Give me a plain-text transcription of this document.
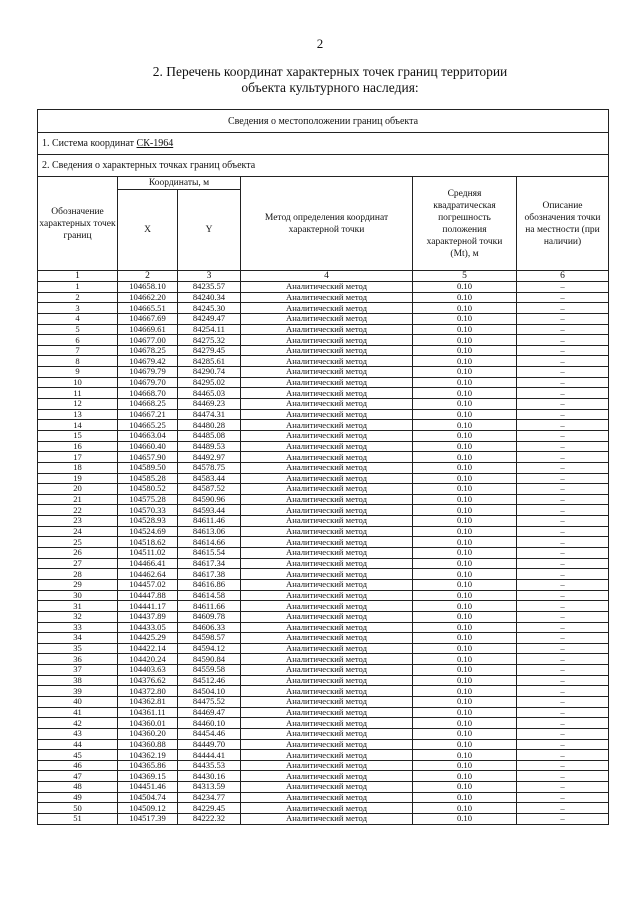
2
2. Перечень координат характерных точек границ территории
объекта культурного наследия:
Сведения о местоположении границ объекта					
1. Система координат СК-1964					
2. Сведения о характерных точках границ объекта					
Обозначение характерных точек границ	Координаты, м		Метод определения координат характерной точки	Средняя квадратическая погрешность положения характерной точки (Mt), м	Описание обозначения точки на местности (при наличии)
	X	Y			
1	2	3	4	5	6
1	104658.10	84235.57	Аналитический метод	0.10	–
2	104662.20	84240.34	Аналитический метод	0.10	–
3	104665.51	84245.30	Аналитический метод	0.10	–
4	104667.69	84249.47	Аналитический метод	0.10	–
5	104669.61	84254.11	Аналитический метод	0.10	–
6	104677.00	84275.32	Аналитический метод	0.10	–
7	104678.25	84279.45	Аналитический метод	0.10	–
8	104679.42	84285.61	Аналитический метод	0.10	–
9	104679.79	84290.74	Аналитический метод	0.10	–
10	104679.70	84295.02	Аналитический метод	0.10	–
11	104668.70	84465.03	Аналитический метод	0.10	–
12	104668.25	84469.23	Аналитический метод	0.10	–
13	104667.21	84474.31	Аналитический метод	0.10	–
14	104665.25	84480.28	Аналитический метод	0.10	–
15	104663.04	84485.08	Аналитический метод	0.10	–
16	104660.40	84489.53	Аналитический метод	0.10	–
17	104657.90	84492.97	Аналитический метод	0.10	–
18	104589.50	84578.75	Аналитический метод	0.10	–
19	104585.28	84583.44	Аналитический метод	0.10	–
20	104580.52	84587.52	Аналитический метод	0.10	–
21	104575.28	84590.96	Аналитический метод	0.10	–
22	104570.33	84593.44	Аналитический метод	0.10	–
23	104528.93	84611.46	Аналитический метод	0.10	–
24	104524.69	84613.06	Аналитический метод	0.10	–
25	104518.62	84614.66	Аналитический метод	0.10	–
26	104511.02	84615.54	Аналитический метод	0.10	–
27	104466.41	84617.34	Аналитический метод	0.10	–
28	104462.64	84617.38	Аналитический метод	0.10	–
29	104457.02	84616.86	Аналитический метод	0.10	–
30	104447.88	84614.58	Аналитический метод	0.10	–
31	104441.17	84611.66	Аналитический метод	0.10	–
32	104437.89	84609.78	Аналитический метод	0.10	–
33	104433.05	84606.33	Аналитический метод	0.10	–
34	104425.29	84598.57	Аналитический метод	0.10	–
35	104422.14	84594.12	Аналитический метод	0.10	–
36	104420.24	84590.84	Аналитический метод	0.10	–
37	104403.63	84559.58	Аналитический метод	0.10	–
38	104376.62	84512.46	Аналитический метод	0.10	–
39	104372.80	84504.10	Аналитический метод	0.10	–
40	104362.81	84475.52	Аналитический метод	0.10	–
41	104361.11	84469.47	Аналитический метод	0.10	–
42	104360.01	84460.10	Аналитический метод	0.10	–
43	104360.20	84454.46	Аналитический метод	0.10	–
44	104360.88	84449.70	Аналитический метод	0.10	–
45	104362.19	84444.41	Аналитический метод	0.10	–
46	104365.86	84435.53	Аналитический метод	0.10	–
47	104369.15	84430.16	Аналитический метод	0.10	–
48	104451.46	84313.59	Аналитический метод	0.10	–
49	104504.74	84234.77	Аналитический метод	0.10	–
50	104509.12	84229.45	Аналитический метод	0.10	–
51	104517.39	84222.32	Аналитический метод	0.10	–
